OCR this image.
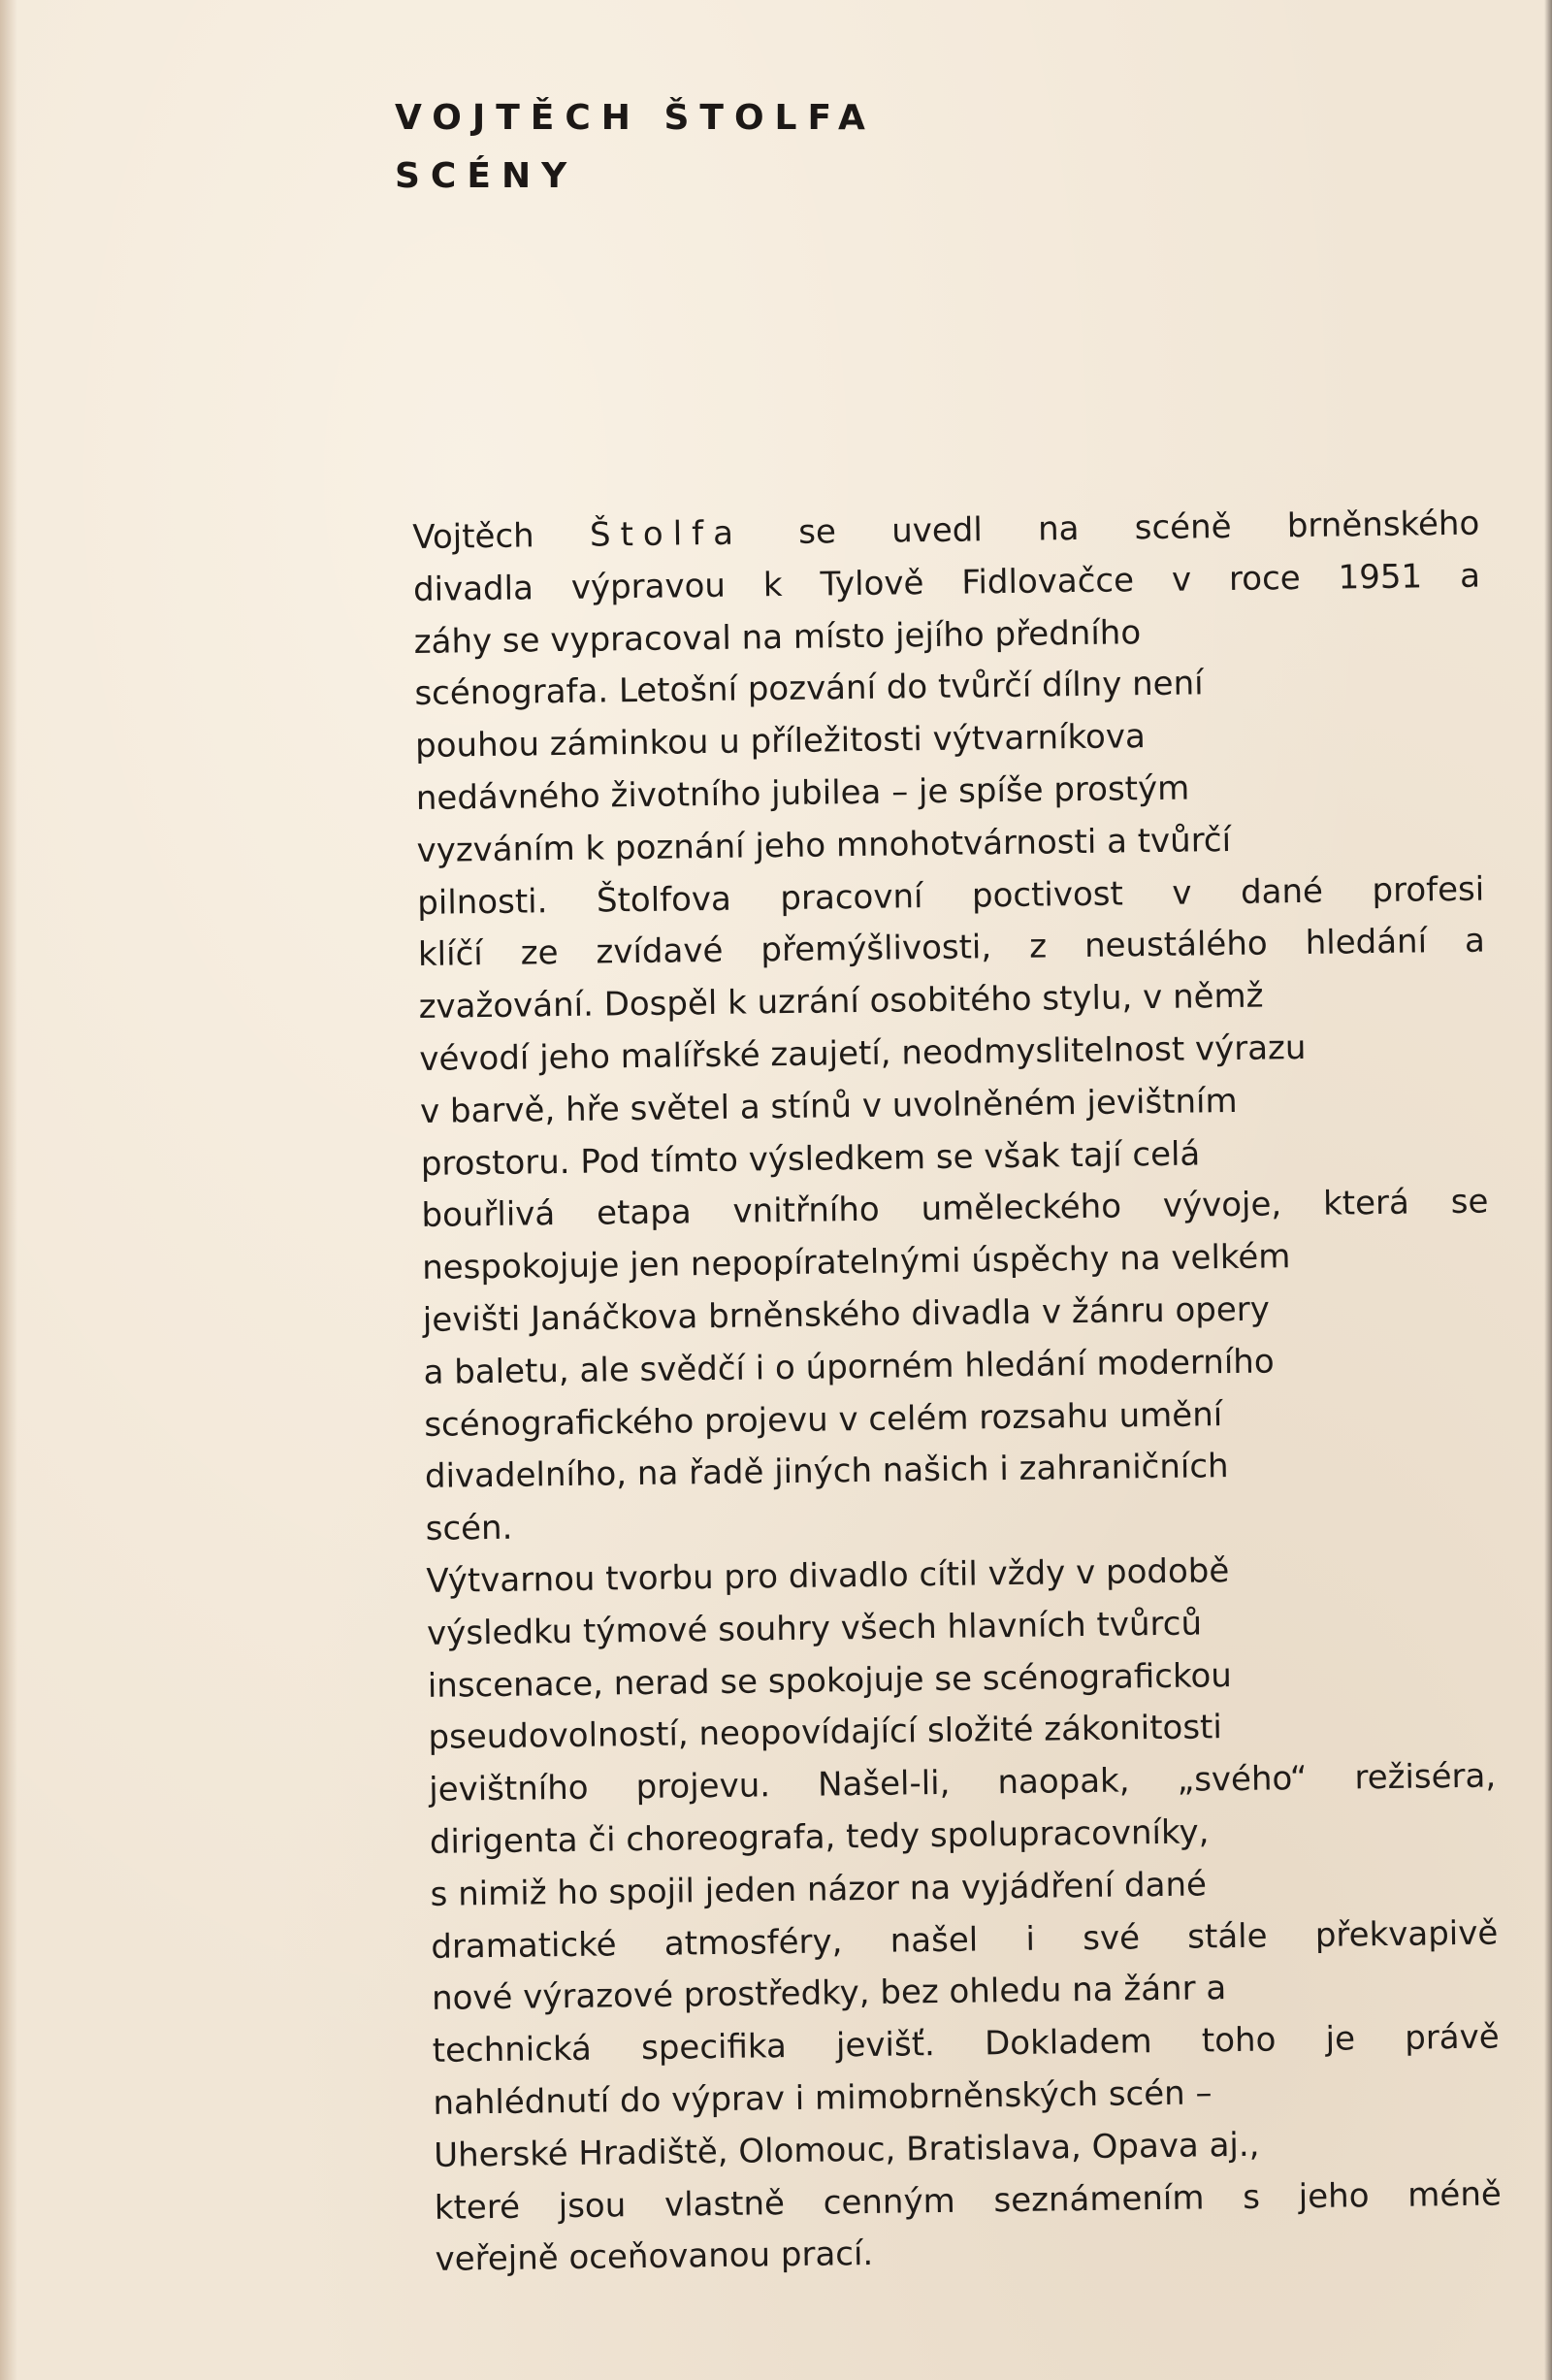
VOJTĚCH ŠTOLFA
SCÉNY
Vojtěch Štolfa se uvedl na scéně brněnského
divadla výpravou k Tylově Fidlovačce v roce 1951 a
záhy se vypracoval na místo jejího předního
scénografa. Letošní pozvání do tvůrčí dílny není
pouhou záminkou u příležitosti výtvarníkova
nedávného životního jubilea – je spíše prostým
vyzváním k poznání jeho mnohotvárnosti a tvůrčí
pilnosti. Štolfova pracovní poctivost v dané profesi
klíčí ze zvídavé přemýšlivosti, z neustálého hledání a
zvažování. Dospěl k uzrání osobitého stylu, v němž
vévodí jeho malířské zaujetí, neodmyslitelnost výrazu
v barvě, hře světel a stínů v uvolněném jevištním
prostoru. Pod tímto výsledkem se však tají celá
bouřlivá etapa vnitřního uměleckého vývoje, která se
nespokojuje jen nepopíratelnými úspěchy na velkém
jevišti Janáčkova brněnského divadla v žánru opery
a baletu, ale svědčí i o úporném hledání moderního
scénografického projevu v celém rozsahu umění
divadelního, na řadě jiných našich i zahraničních
scén.
Výtvarnou tvorbu pro divadlo cítil vždy v podobě
výsledku týmové souhry všech hlavních tvůrců
inscenace, nerad se spokojuje se scénografickou
pseudovolností, neopovídající složité zákonitosti
jevištního projevu. Našel-li, naopak, „svého“ režiséra,
dirigenta či choreografa, tedy spolupracovníky,
s nimiž ho spojil jeden názor na vyjádření dané
dramatické atmosféry, našel i své stále překvapivě
nové výrazové prostředky, bez ohledu na žánr a
technická specifika jevišť. Dokladem toho je právě
nahlédnutí do výprav i mimobrněnských scén –
Uherské Hradiště, Olomouc, Bratislava, Opava aj.,
které jsou vlastně cenným seznámením s jeho méně
veřejně oceňovanou prací.
